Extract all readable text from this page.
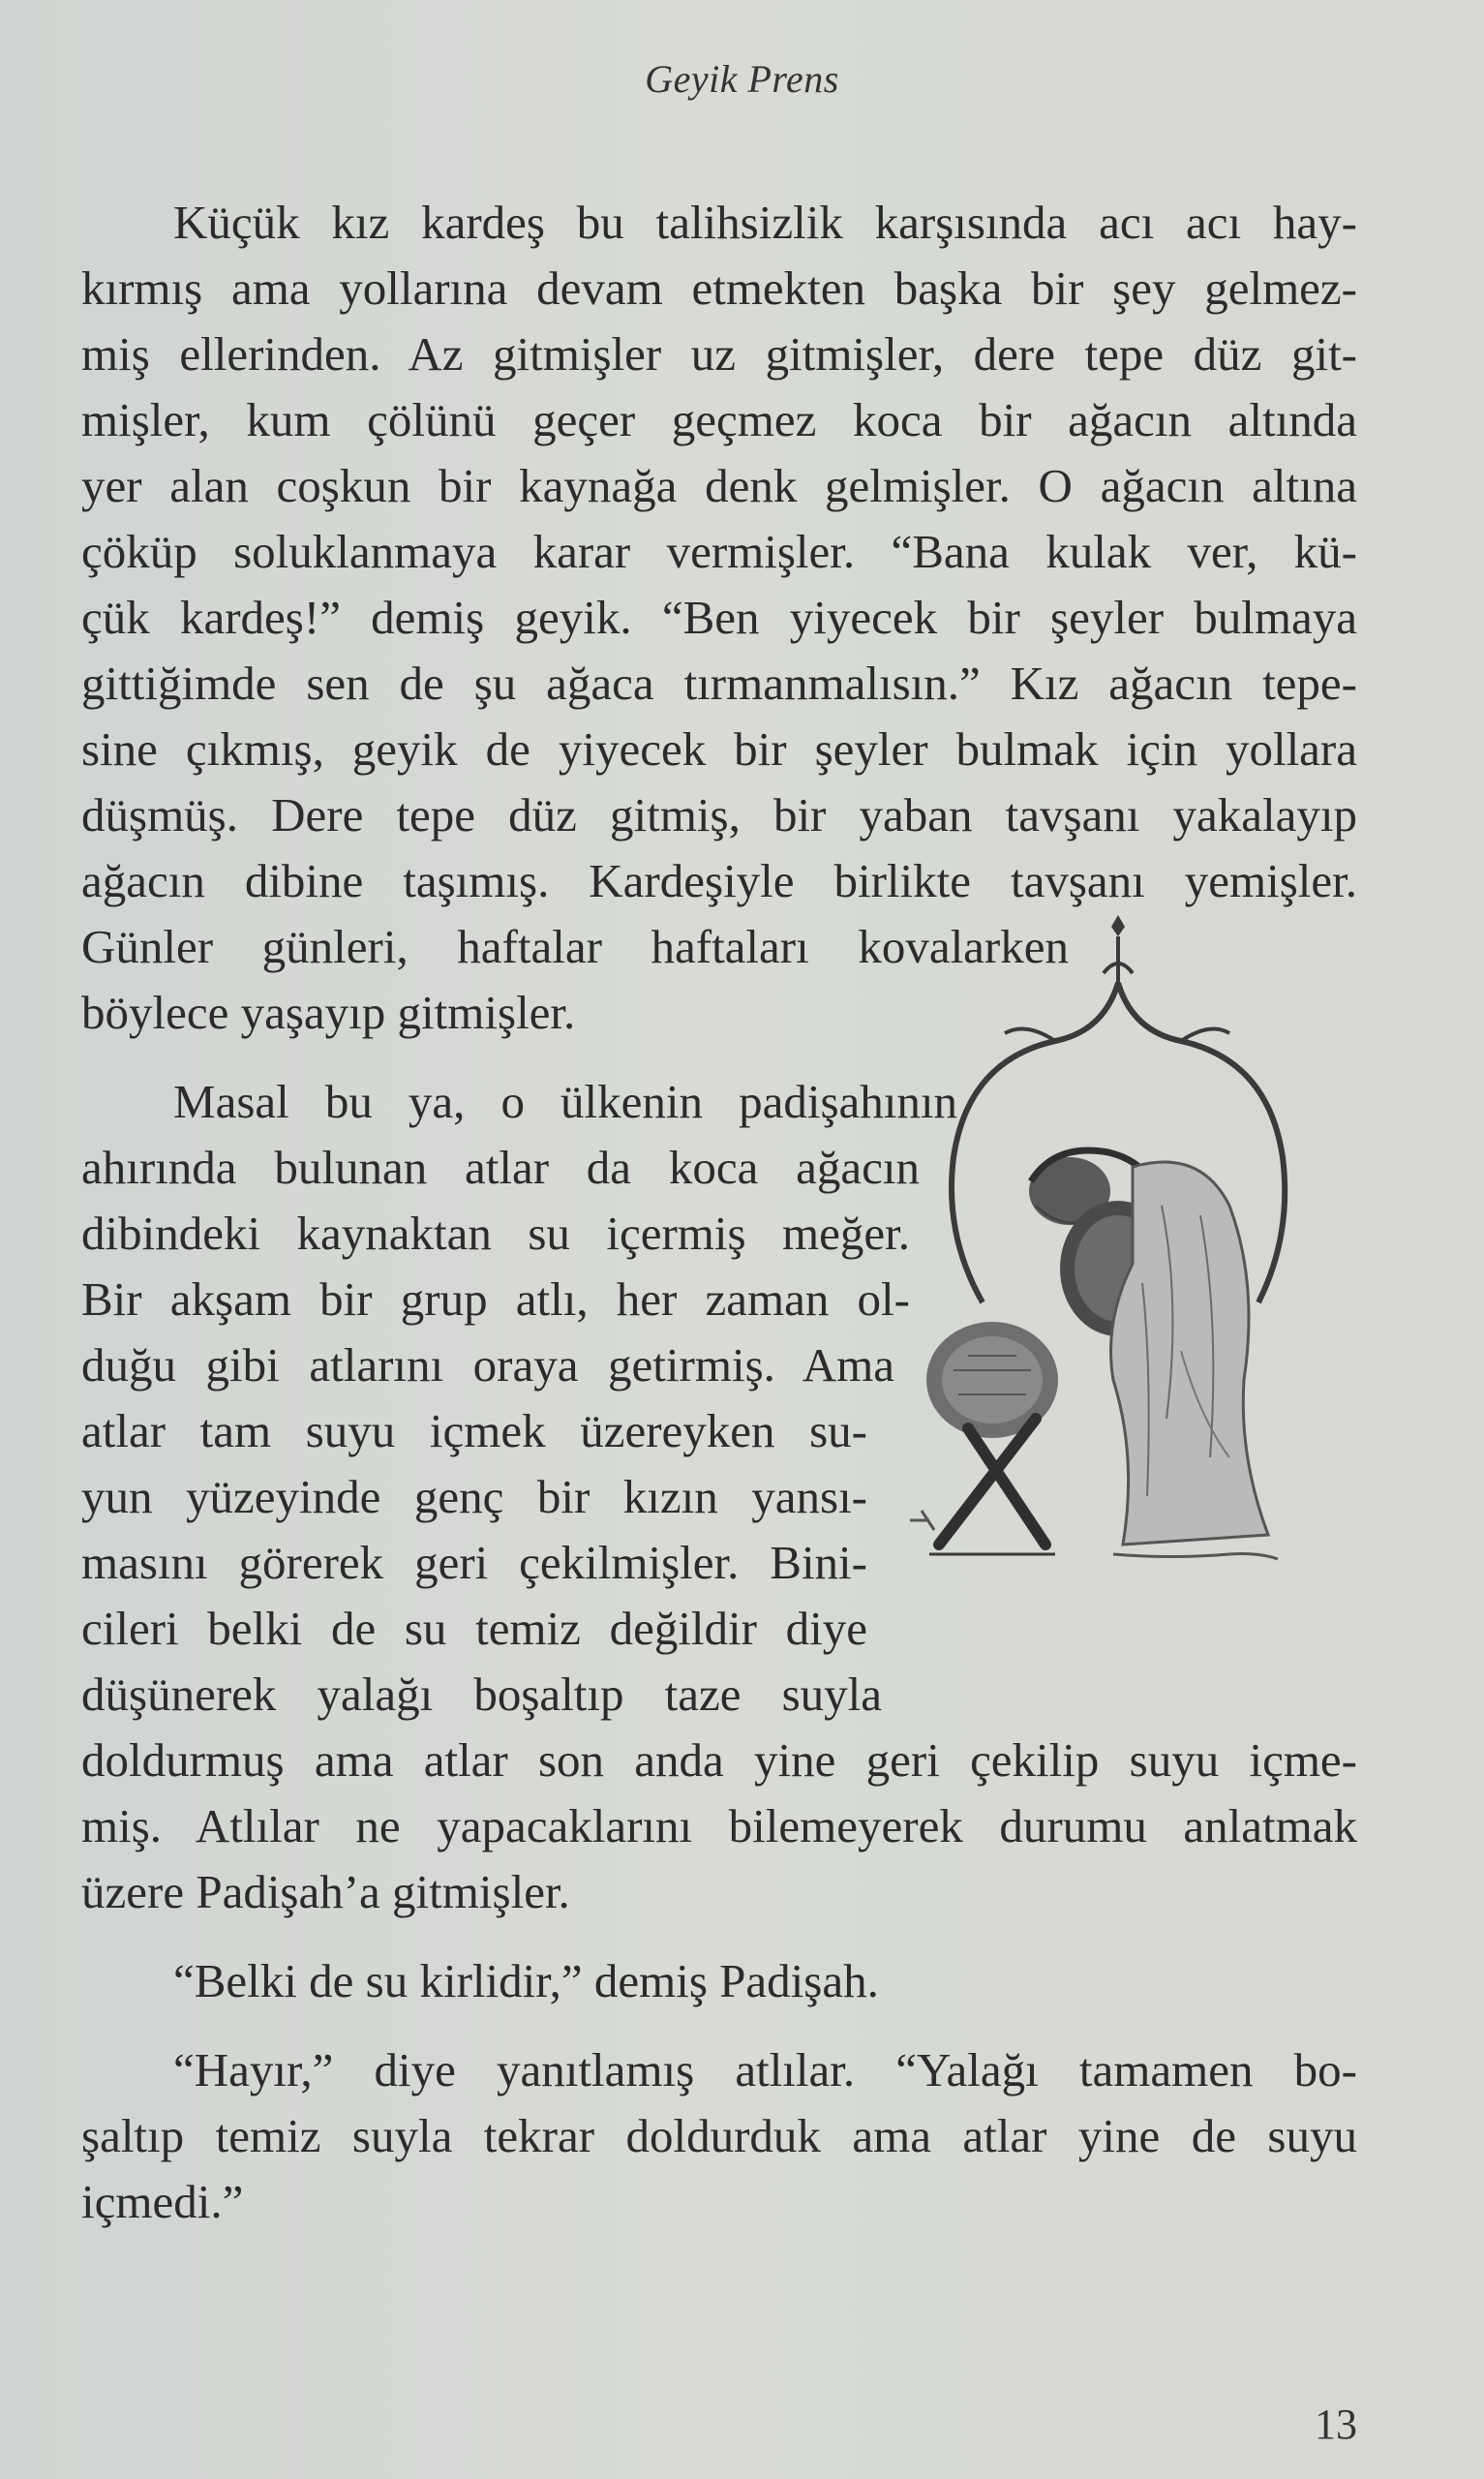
Geyik Prens

Küçük kız kardeş bu talihsizlik karşısında acı acı hay-

kırmış ama yollarına devam etmekten başka bir şey gelmez-

miş ellerinden. Az gitmişler uz gitmişler, dere tepe düz git-

mişler, kum çölünü geçer geçmez koca bir ağacın altında

yer alan coşkun bir kaynağa denk gelmişler. O ağacın altına

çöküp soluklanmaya karar vermişler. “Bana kulak ver, kü-

çük kardeş!” demiş geyik. “Ben yiyecek bir şeyler bulmaya

gittiğimde sen de şu ağaca tırmanmalısın.” Kız ağacın tepe-

sine çıkmış, geyik de yiyecek bir şeyler bulmak için yollara

düşmüş. Dere tepe düz gitmiş, bir yaban tavşanı yakalayıp

ağacın dibine taşımış. Kardeşiyle birlikte tavşanı yemişler.

Günler günleri, haftalar haftaları kovalarken

böylece yaşayıp gitmişler.

Masal bu ya, o ülkenin padişahının

ahırında bulunan atlar da koca ağacın

dibindeki kaynaktan su içermiş meğer.

Bir akşam bir grup atlı, her zaman ol-

duğu gibi atlarını oraya getirmiş. Ama

atlar tam suyu içmek üzereyken su-

yun yüzeyinde genç bir kızın yansı-

masını görerek geri çekilmişler. Bini-

cileri belki de su temiz değildir diye

düşünerek yalağı boşaltıp taze suyla

doldurmuş ama atlar son anda yine geri çekilip suyu içme-

miş. Atlılar ne yapacaklarını bilemeyerek durumu anlatmak

üzere Padişah’a gitmişler.

“Belki de su kirlidir,” demiş Padişah.

“Hayır,” diye yanıtlamış atlılar. “Yalağı tamamen bo-

şaltıp temiz suyla tekrar doldurduk ama atlar yine de suyu

içmedi.”

13
